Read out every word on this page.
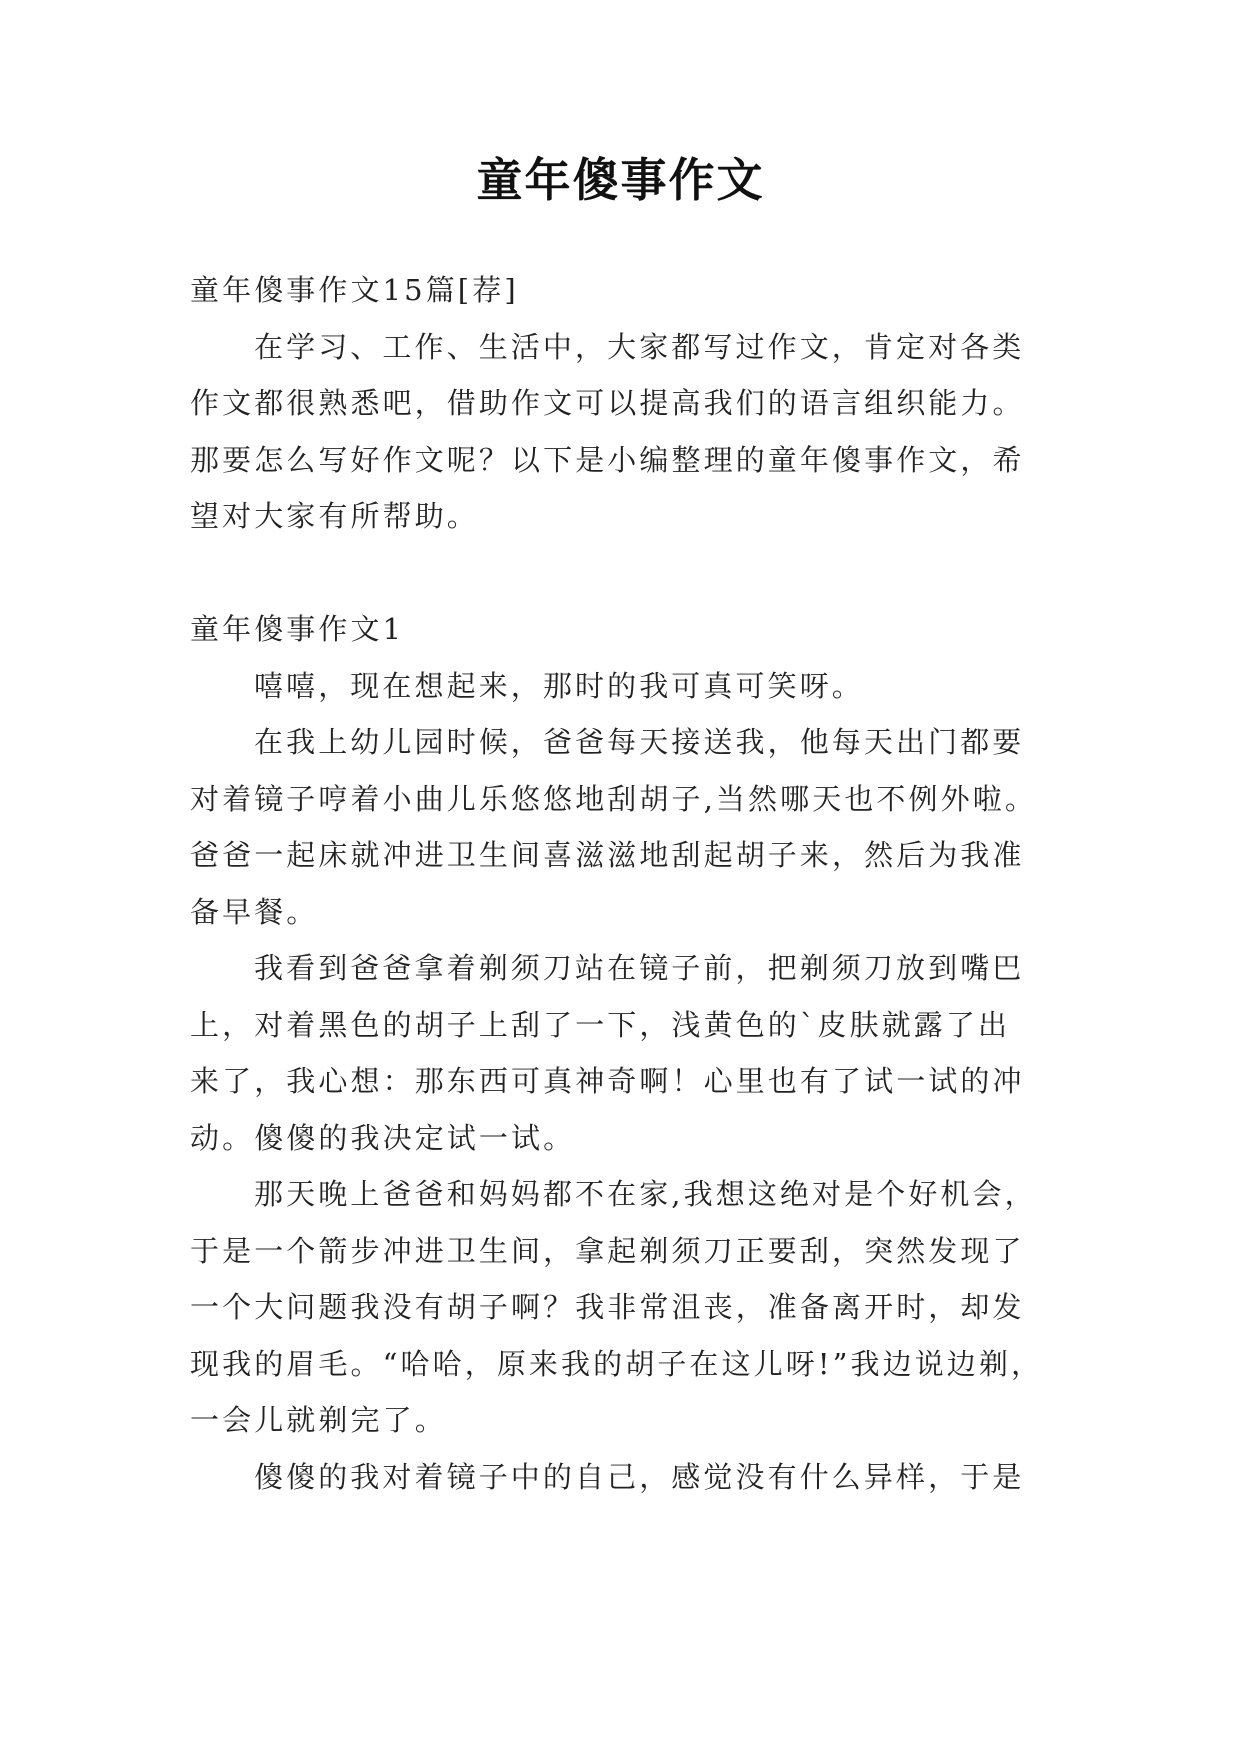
童年傻事作文
童年傻事作文15篇[荐]
在学习、工作、生活中，大家都写过作文，肯定对各类
作文都很熟悉吧，借助作文可以提高我们的语言组织能力。
那要怎么写好作文呢？以下是小编整理的童年傻事作文，希
望对大家有所帮助。
童年傻事作文1
嘻嘻，现在想起来，那时的我可真可笑呀。
在我上幼儿园时候，爸爸每天接送我，他每天出门都要
对着镜子哼着小曲儿乐悠悠地刮胡子,当然哪天也不例外啦。
爸爸一起床就冲进卫生间喜滋滋地刮起胡子来，然后为我准
备早餐。
我看到爸爸拿着剃须刀站在镜子前，把剃须刀放到嘴巴
上，对着黑色的胡子上刮了一下，浅黄色的`皮肤就露了出
来了，我心想：那东西可真神奇啊！心里也有了试一试的冲
动。傻傻的我决定试一试。
那天晚上爸爸和妈妈都不在家,我想这绝对是个好机会，
于是一个箭步冲进卫生间，拿起剃须刀正要刮，突然发现了
一个大问题我没有胡子啊？我非常沮丧，准备离开时，却发
现我的眉毛。“哈哈，原来我的胡子在这儿呀!”我边说边剃，
一会儿就剃完了。
傻傻的我对着镜子中的自己，感觉没有什么异样，于是
